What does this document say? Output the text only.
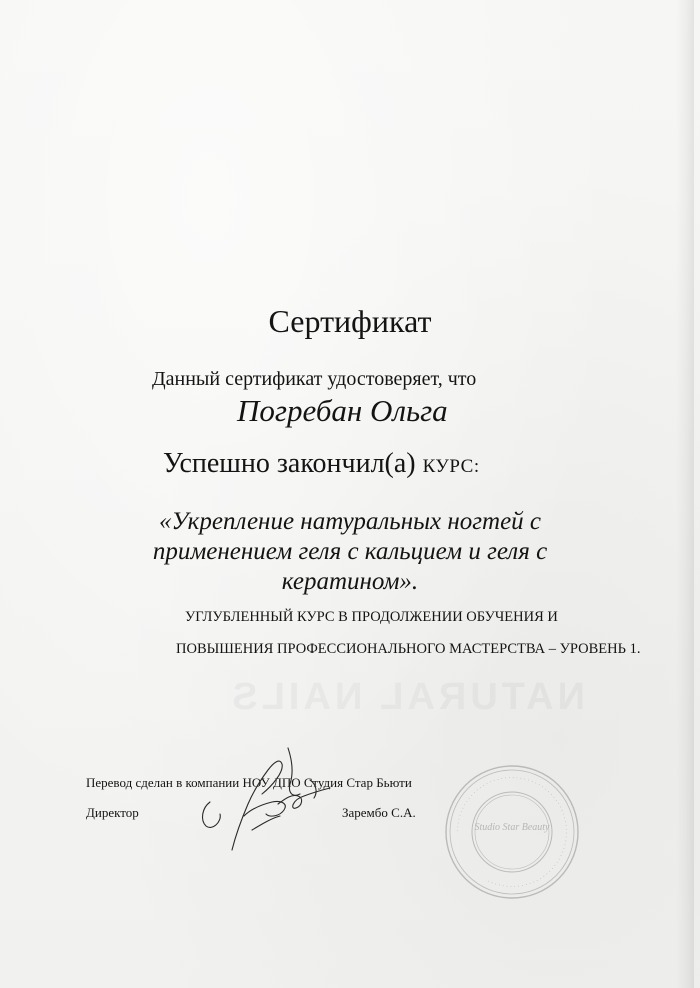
NATURAL NAILS
Сертификат
Данный сертификат удостоверяет, что
Погребан Ольга
Успешно закончил(а) КУРС:
«Укрепление натуральных ногтей с
применением геля с кальцием и геля с
кератином».
УГЛУБЛЕННЫЙ КУРС В ПРОДОЛЖЕНИИ ОБУЧЕНИЯ И
ПОВЫШЕНИЯ ПРОФЕССИОНАЛЬНОГО МАСТЕРСТВА – УРОВЕНЬ 1.
Перевод сделан в компании НОУ ДПО Студия Стар Бьюти
Директор	Зарембо С.А.
·········································································
Studio Star Beauty
